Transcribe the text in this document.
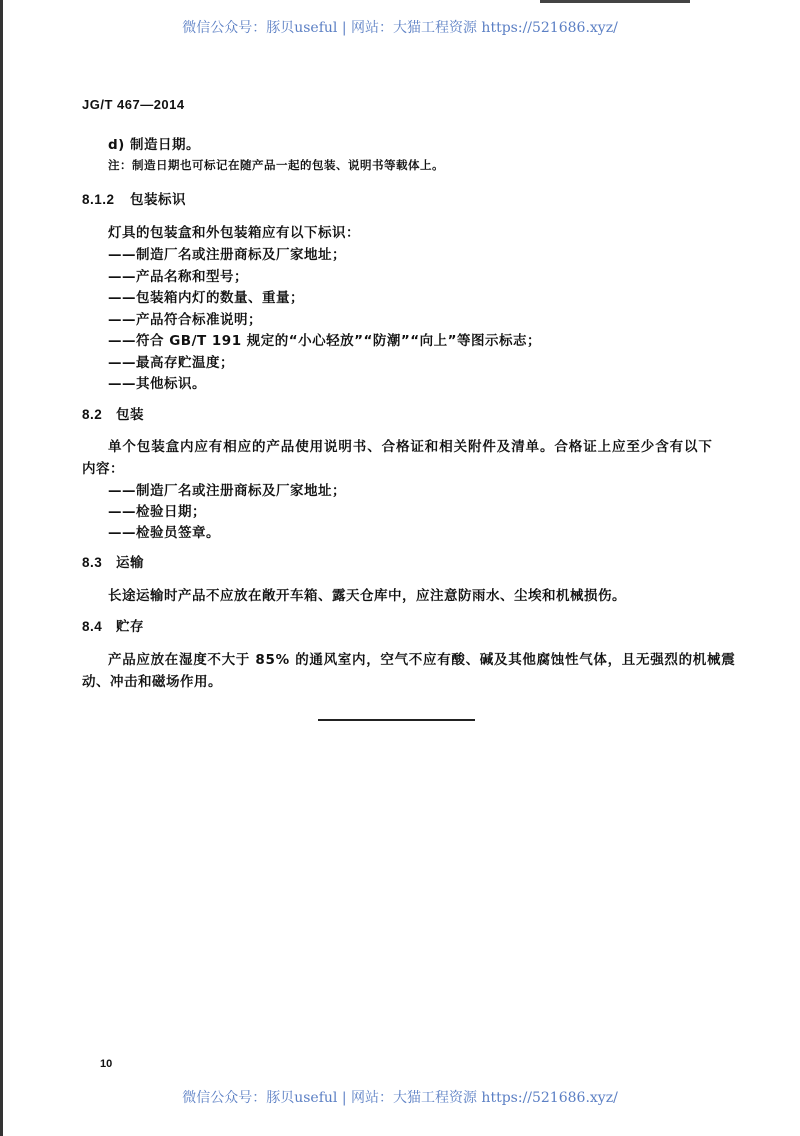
微信公众号：豚贝useful | 网站：大猫工程资源 https://521686.xyz/
JG/T 467—2014
d) 制造日期。
注：制造日期也可标记在随产品一起的包装、说明书等载体上。
8.1.2 包装标识
灯具的包装盒和外包装箱应有以下标识：
——制造厂名或注册商标及厂家地址；
——产品名称和型号；
——包装箱内灯的数量、重量；
——产品符合标准说明；
——符合 GB/T 191 规定的“小心轻放”“防潮”“向上”等图示标志；
——最高存贮温度；
——其他标识。
8.2 包装
单个包装盒内应有相应的产品使用说明书、合格证和相关附件及清单。合格证上应至少含有以下
内容：
——制造厂名或注册商标及厂家地址；
——检验日期；
——检验员签章。
8.3 运输
长途运输时产品不应放在敞开车箱、露天仓库中，应注意防雨水、尘埃和机械损伤。
8.4 贮存
产品应放在湿度不大于 85% 的通风室内，空气不应有酸、碱及其他腐蚀性气体，且无强烈的机械震
动、冲击和磁场作用。
10
微信公众号：豚贝useful | 网站：大猫工程资源 https://521686.xyz/
